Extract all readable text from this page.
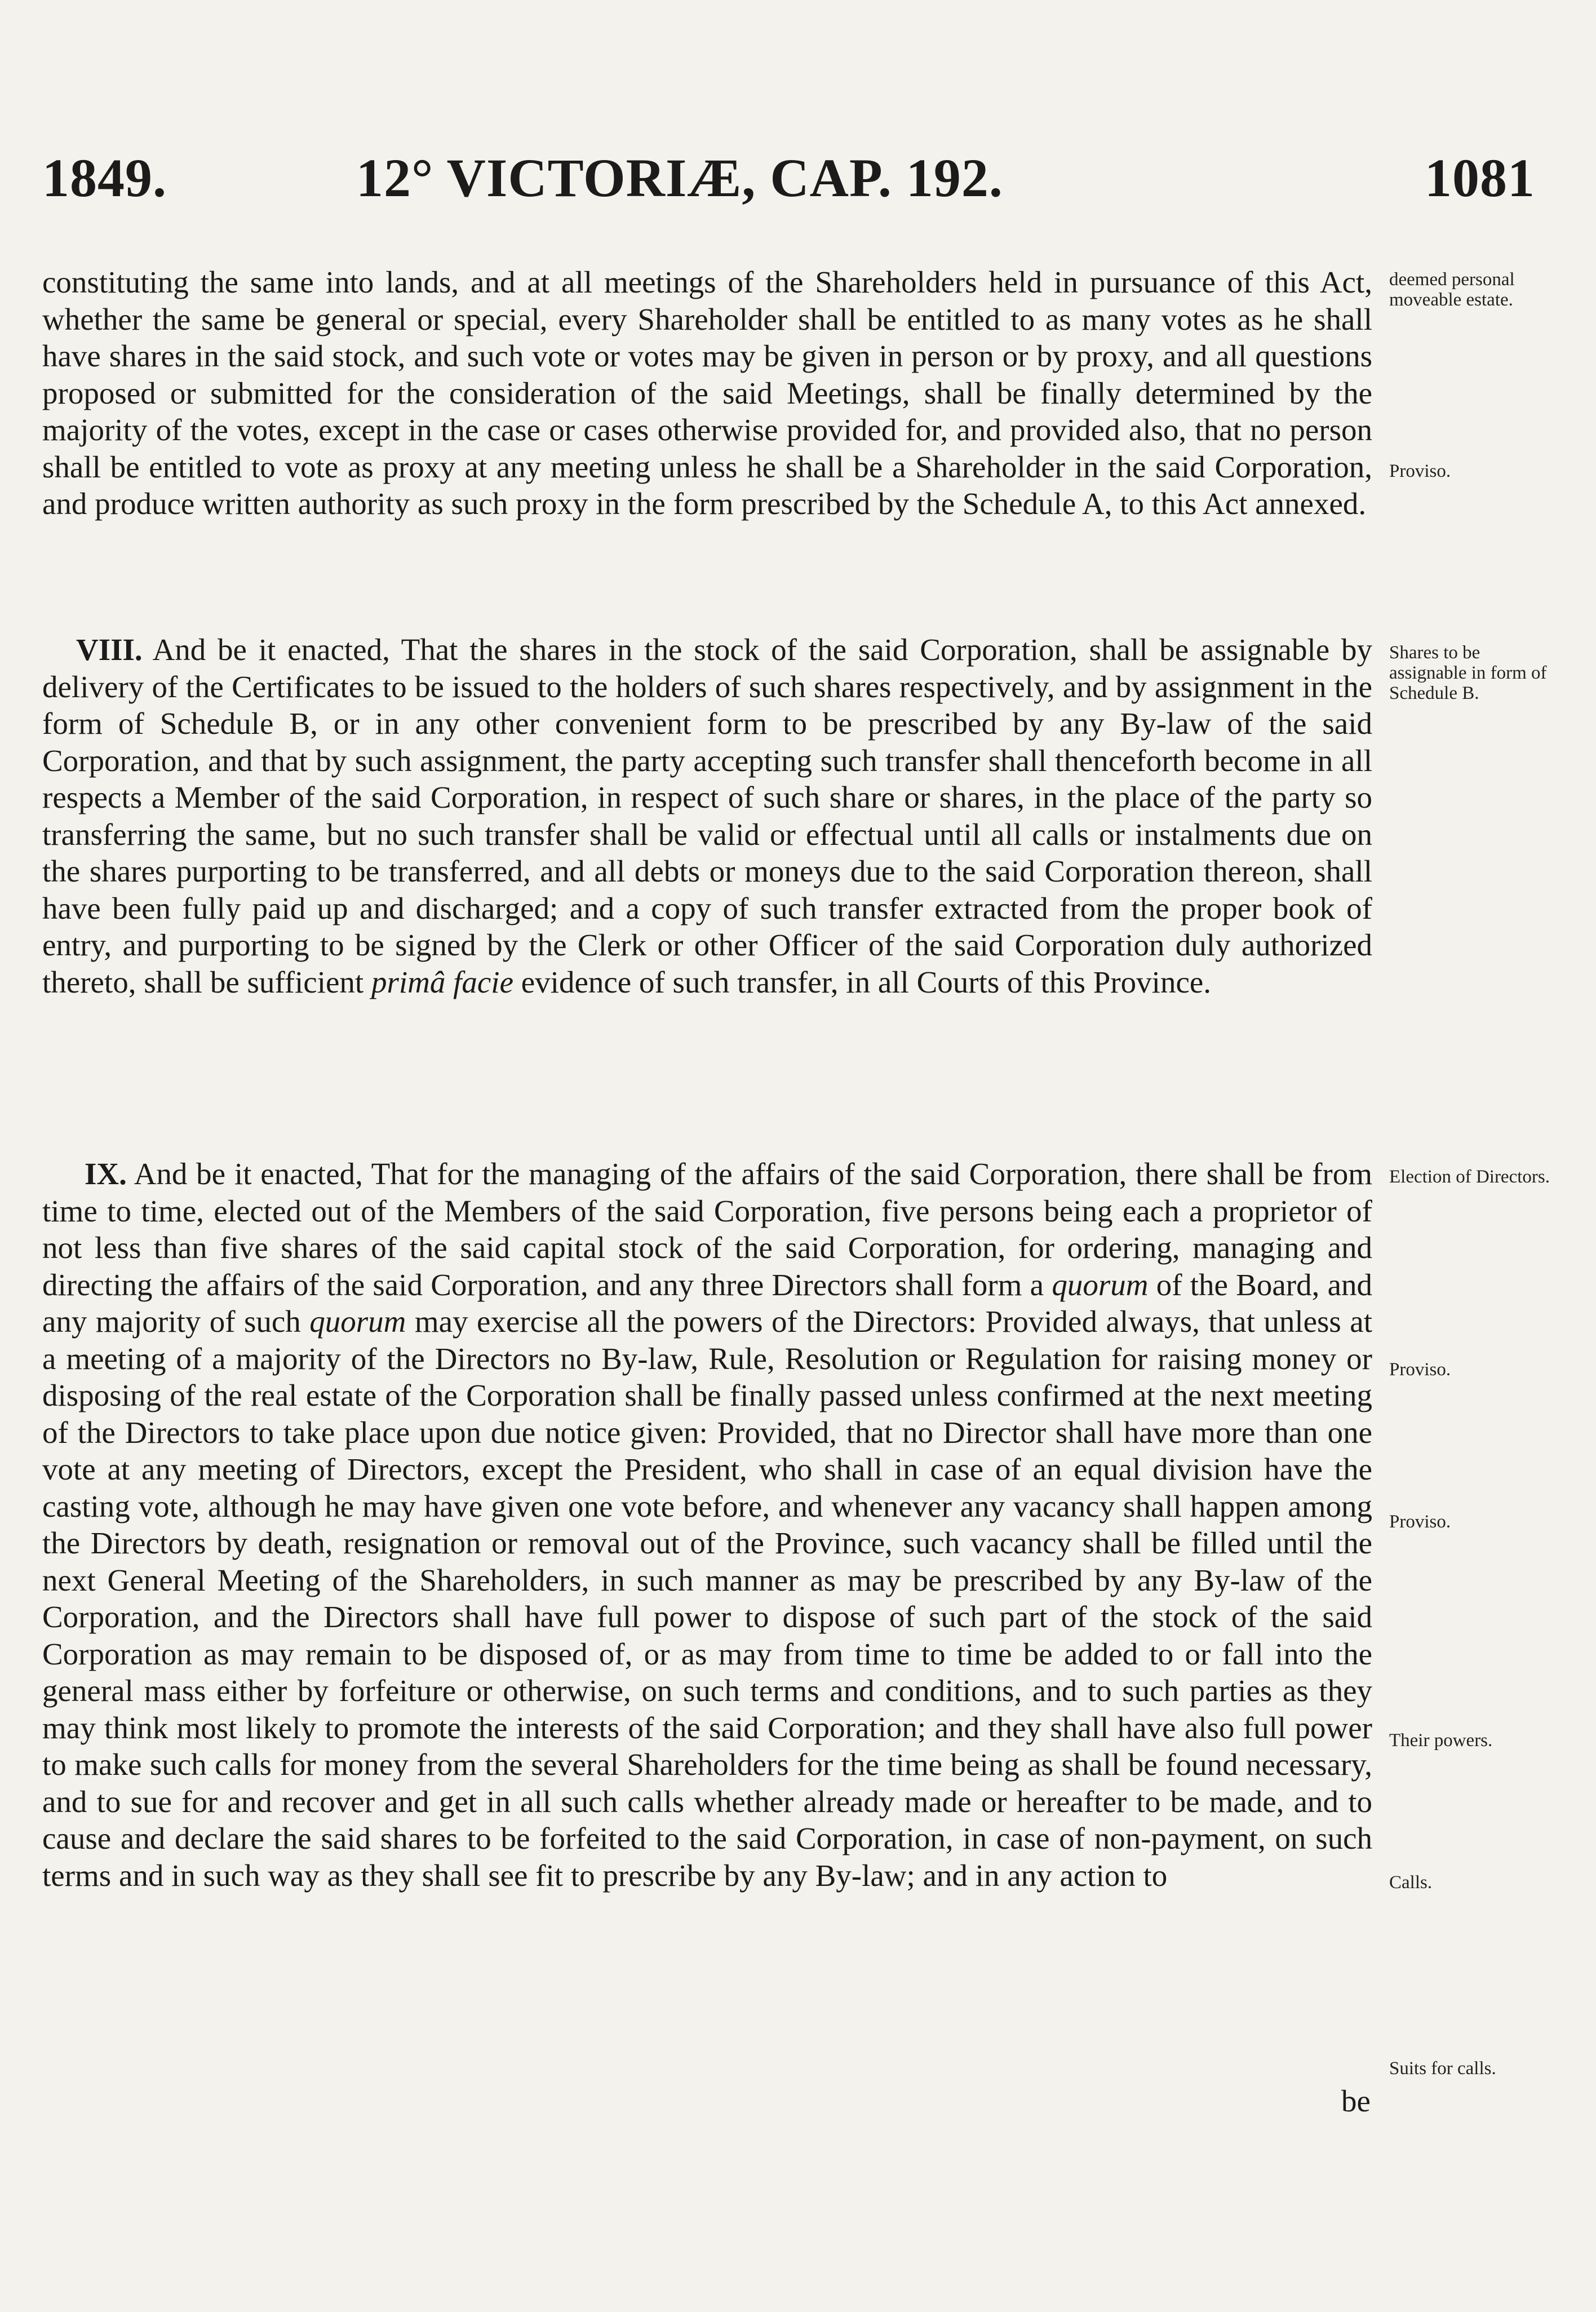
1849.	12° VICTORIÆ, CAP. 192.	1081
constituting the same into lands, and at all meetings of the Shareholders held in pursuance of this Act, whether the same be general or special, every Shareholder shall be entitled to as many votes as he shall have shares in the said stock, and such vote or votes may be given in person or by proxy, and all questions proposed or submitted for the consideration of the said Meetings, shall be finally determined by the majority of the votes, except in the case or cases otherwise provided for, and provided also, that no person shall be entitled to vote as proxy at any meeting unless he shall be a Shareholder in the said Corporation, and produce written authority as such proxy in the form prescribed by the Schedule A, to this Act annexed.
VIII. And be it enacted, That the shares in the stock of the said Corporation, shall be assignable by delivery of the Certificates to be issued to the holders of such shares respectively, and by assignment in the form of Schedule B, or in any other convenient form to be prescribed by any By-law of the said Corporation, and that by such assignment, the party accepting such transfer shall thenceforth become in all respects a Member of the said Corporation, in respect of such share or shares, in the place of the party so transferring the same, but no such transfer shall be valid or effectual until all calls or instalments due on the shares purporting to be transferred, and all debts or moneys due to the said Corporation thereon, shall have been fully paid up and discharged; and a copy of such transfer extracted from the proper book of entry, and purporting to be signed by the Clerk or other Officer of the said Corporation duly authorized thereto, shall be sufficient primâ facie evidence of such transfer, in all Courts of this Province.
IX. And be it enacted, That for the managing of the affairs of the said Corporation, there shall be from time to time, elected out of the Members of the said Corporation, five persons being each a proprietor of not less than five shares of the said capital stock of the said Corporation, for ordering, managing and directing the affairs of the said Corporation, and any three Directors shall form a quorum of the Board, and any majority of such quorum may exercise all the powers of the Directors: Provided always, that unless at a meeting of a majority of the Directors no By-law, Rule, Resolution or Regulation for raising money or disposing of the real estate of the Corporation shall be finally passed unless confirmed at the next meeting of the Directors to take place upon due notice given: Provided, that no Director shall have more than one vote at any meeting of Directors, except the President, who shall in case of an equal division have the casting vote, although he may have given one vote before, and whenever any vacancy shall happen among the Directors by death, resignation or removal out of the Province, such vacancy shall be filled until the next General Meeting of the Shareholders, in such manner as may be prescribed by any By-law of the Corporation, and the Directors shall have full power to dispose of such part of the stock of the said Corporation as may remain to be disposed of, or as may from time to time be added to or fall into the general mass either by forfeiture or otherwise, on such terms and conditions, and to such parties as they may think most likely to promote the interests of the said Corporation; and they shall have also full power to make such calls for money from the several Shareholders for the time being as shall be found necessary, and to sue for and recover and get in all such calls whether already made or hereafter to be made, and to cause and declare the said shares to be forfeited to the said Corporation, in case of non-payment, on such terms and in such way as they shall see fit to prescribe by any By-law; and in any action to
be
deemed personal moveable estate.
Proviso.
Shares to be assignable in form of Schedule B.
Election of Directors.
Proviso.
Proviso.
Their powers.
Calls.
Suits for calls.
